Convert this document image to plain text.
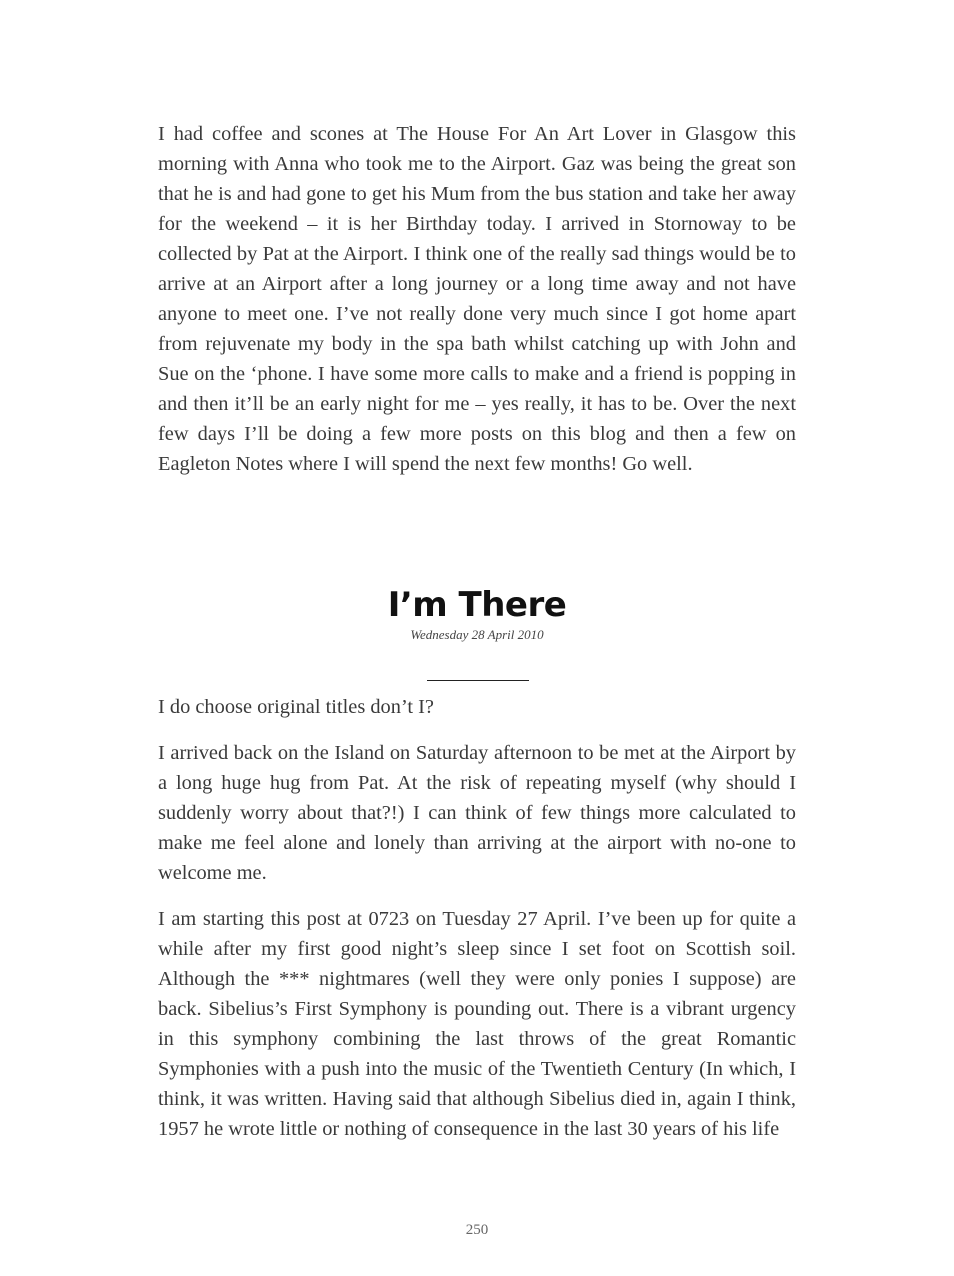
I had coffee and scones at The House For An Art Lover in Glasgow this morning with Anna who took me to the Airport. Gaz was being the great son that he is and had gone to get his Mum from the bus station and take her away for the weekend – it is her Birthday today. I arrived in Stornoway to be collected by Pat at the Airport. I think one of the really sad things would be to arrive at an Airport after a long journey or a long time away and not have anyone to meet one. I’ve not really done very much since I got home apart from rejuvenate my body in the spa bath whilst catching up with John and Sue on the ‘phone. I have some more calls to make and a friend is popping in and then it’ll be an early night for me – yes really, it has to be. Over the next few days I’ll be doing a few more posts on this blog and then a few on Eagleton Notes where I will spend the next few months! Go well.

I’m There
Wednesday 28 April 2010

I do choose original titles don’t I?

I arrived back on the Island on Saturday afternoon to be met at the Airport by a long huge hug from Pat. At the risk of repeating myself (why should I suddenly worry about that?!) I can think of few things more calculated to make me feel alone and lonely than arriving at the airport with no-one to welcome me.

I am starting this post at 0723 on Tuesday 27 April. I’ve been up for quite a while after my first good night’s sleep since I set foot on Scottish soil. Although the *** nightmares (well they were only ponies I suppose) are back. Sibelius’s First Symphony is pounding out. There is a vibrant urgency in this symphony combining the last throws of the great Romantic Symphonies with a push into the music of the Twentieth Century (In which, I think, it was written. Having said that although Sibelius died in, again I think, 1957 he wrote little or nothing of consequence in the last 30 years of his life

250
